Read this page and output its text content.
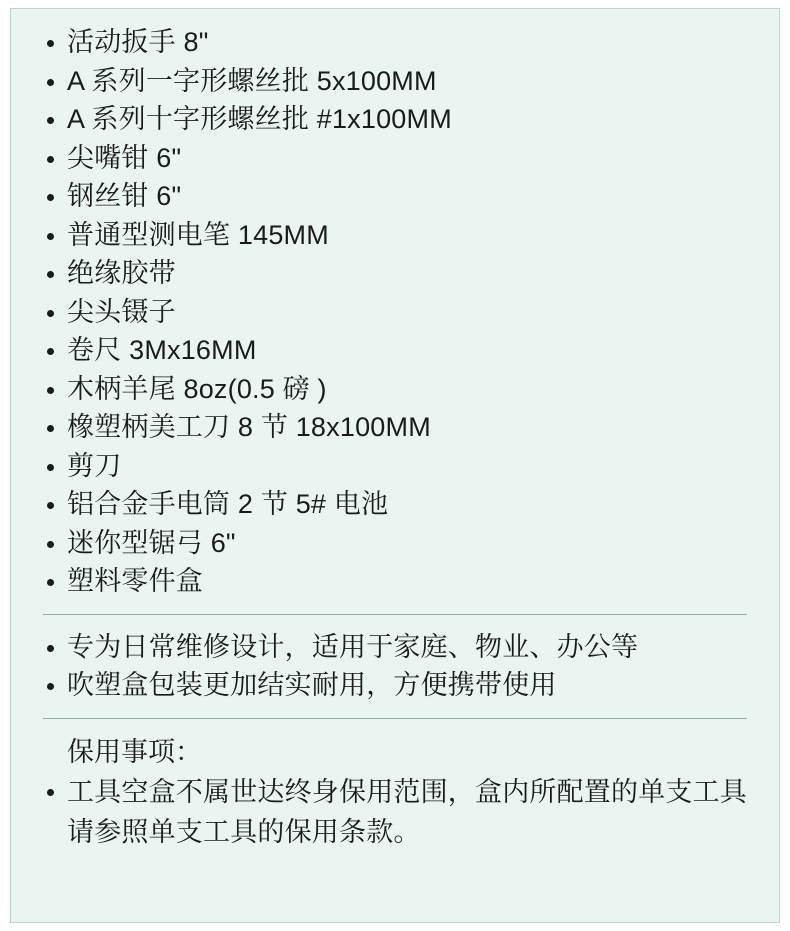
活动扳手 8"
A 系列一字形螺丝批 5x100MM
A 系列十字形螺丝批 #1x100MM
尖嘴钳 6"
钢丝钳 6"
普通型测电笔 145MM
绝缘胶带
尖头镊子
卷尺 3Mx16MM
木柄羊尾 8oz(0.5 磅 )
橡塑柄美工刀 8 节 18x100MM
剪刀
铝合金手电筒 2 节 5# 电池
迷你型锯弓 6"
塑料零件盒
专为日常维修设计，适用于家庭、物业、办公等
吹塑盒包装更加结实耐用，方便携带使用
保用事项：
工具空盒不属世达终身保用范围，盒内所配置的单支工具请参照单支工具的保用条款。
